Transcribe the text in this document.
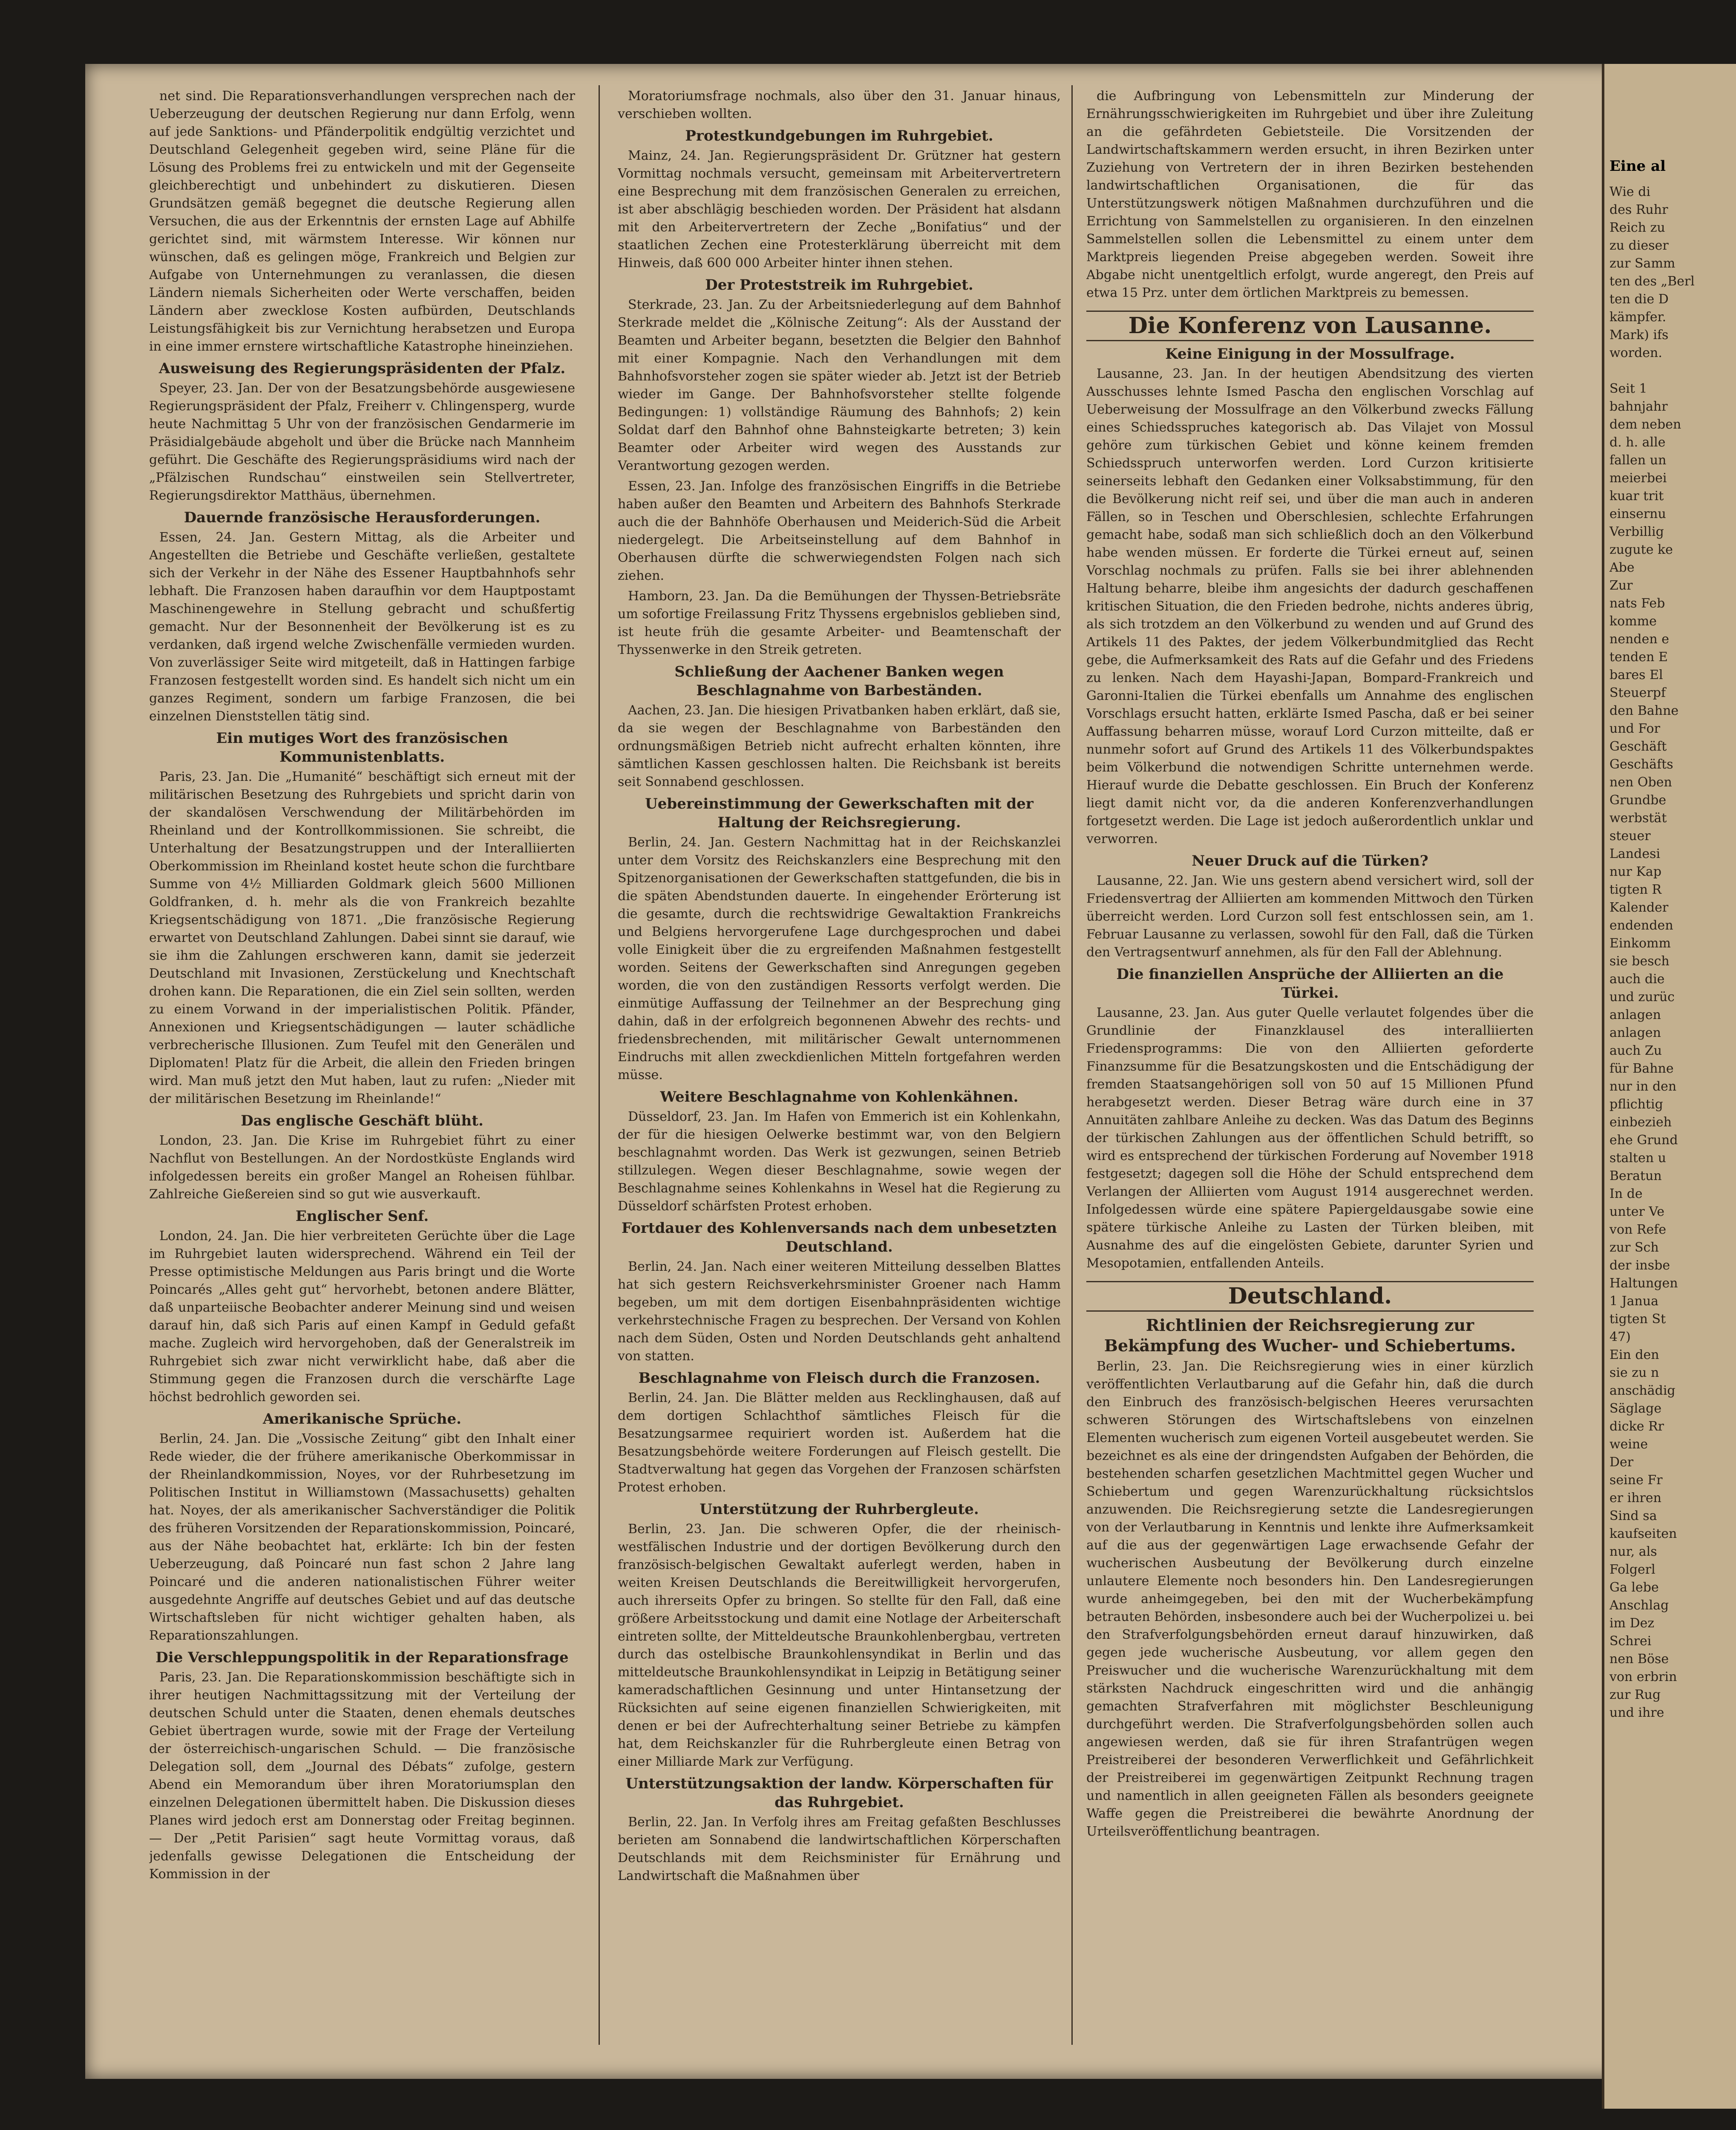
net sind. Die Reparationsverhandlungen versprechen nach der Ueberzeugung der deutschen Regierung nur dann Erfolg, wenn auf jede Sanktions- und Pfänderpolitik endgültig verzichtet und Deutschland Gelegenheit gegeben wird, seine Pläne für die Lösung des Problems frei zu entwickeln und mit der Gegenseite gleichberechtigt und unbehindert zu diskutieren. Diesen Grundsätzen gemäß begegnet die deutsche Regierung allen Versuchen, die aus der Erkenntnis der ernsten Lage auf Abhilfe gerichtet sind, mit wärmstem Interesse. Wir können nur wünschen, daß es gelingen möge, Frankreich und Belgien zur Aufgabe von Unternehmungen zu veranlassen, die diesen Ländern niemals Sicherheiten oder Werte verschaffen, beiden Ländern aber zwecklose Kosten aufbürden, Deutschlands Leistungsfähigkeit bis zur Vernichtung herabsetzen und Europa in eine immer ernstere wirtschaftliche Katastrophe hineinziehen.

Ausweisung des Regierungspräsidenten der Pfalz.

Speyer, 23. Jan. Der von der Besatzungsbehörde ausgewiesene Regierungspräsident der Pfalz, Freiherr v. Chlingensperg, wurde heute Nachmittag 5 Uhr von der französischen Gendarmerie im Präsidialgebäude abgeholt und über die Brücke nach Mannheim geführt. Die Geschäfte des Regierungspräsidiums wird nach der „Pfälzischen Rundschau“ einstweilen sein Stellvertreter, Regierungsdirektor Matthäus, übernehmen.

Dauernde französische Herausforderungen.

Essen, 24. Jan. Gestern Mittag, als die Arbeiter und Angestellten die Betriebe und Geschäfte verließen, gestaltete sich der Verkehr in der Nähe des Essener Hauptbahnhofs sehr lebhaft. Die Franzosen haben daraufhin vor dem Hauptpostamt Maschinengewehre in Stellung gebracht und schußfertig gemacht. Nur der Besonnenheit der Bevölkerung ist es zu verdanken, daß irgend welche Zwischenfälle vermieden wurden. Von zuverlässiger Seite wird mitgeteilt, daß in Hattingen farbige Franzosen festgestellt worden sind. Es handelt sich nicht um ein ganzes Regiment, sondern um farbige Franzosen, die bei einzelnen Dienststellen tätig sind.

Ein mutiges Wort des französischen Kommunistenblatts.

Paris, 23. Jan. Die „Humanité“ beschäftigt sich erneut mit der militärischen Besetzung des Ruhrgebiets und spricht darin von der skandalösen Verschwendung der Militärbehörden im Rheinland und der Kontrollkommissionen. Sie schreibt, die Unterhaltung der Besatzungstruppen und der Interalliierten Oberkommission im Rheinland kostet heute schon die furchtbare Summe von 4½ Milliarden Goldmark gleich 5600 Millionen Goldfranken, d. h. mehr als die von Frankreich bezahlte Kriegsentschädigung von 1871. „Die französische Regierung erwartet von Deutschland Zahlungen. Dabei sinnt sie darauf, wie sie ihm die Zahlungen erschweren kann, damit sie jederzeit Deutschland mit Invasionen, Zerstückelung und Knechtschaft drohen kann. Die Reparationen, die ein Ziel sein sollten, werden zu einem Vorwand in der imperialistischen Politik. Pfänder, Annexionen und Kriegsentschädigungen — lauter schädliche verbrecherische Illusionen. Zum Teufel mit den Generälen und Diplomaten! Platz für die Arbeit, die allein den Frieden bringen wird. Man muß jetzt den Mut haben, laut zu rufen: „Nieder mit der militärischen Besetzung im Rheinlande!“

Das englische Geschäft blüht.

London, 23. Jan. Die Krise im Ruhrgebiet führt zu einer Nachflut von Bestellungen. An der Nordostküste Englands wird infolgedessen bereits ein großer Mangel an Roheisen fühlbar. Zahlreiche Gießereien sind so gut wie ausverkauft.

Englischer Senf.

London, 24. Jan. Die hier verbreiteten Gerüchte über die Lage im Ruhrgebiet lauten widersprechend. Während ein Teil der Presse optimistische Meldungen aus Paris bringt und die Worte Poincarés „Alles geht gut“ hervorhebt, betonen andere Blätter, daß unparteiische Beobachter anderer Meinung sind und weisen darauf hin, daß sich Paris auf einen Kampf in Geduld gefaßt mache. Zugleich wird hervorgehoben, daß der Generalstreik im Ruhrgebiet sich zwar nicht verwirklicht habe, daß aber die Stimmung gegen die Franzosen durch die verschärfte Lage höchst bedrohlich geworden sei.

Amerikanische Sprüche.

Berlin, 24. Jan. Die „Vossische Zeitung“ gibt den Inhalt einer Rede wieder, die der frühere amerikanische Oberkommissar in der Rheinlandkommission, Noyes, vor der Ruhrbesetzung im Politischen Institut in Williamstown (Massachusetts) gehalten hat. Noyes, der als amerikanischer Sachverständiger die Politik des früheren Vorsitzenden der Reparationskommission, Poincaré, aus der Nähe beobachtet hat, erklärte: Ich bin der festen Ueberzeugung, daß Poincaré nun fast schon 2 Jahre lang Poincaré und die anderen nationalistischen Führer weiter ausgedehnte Angriffe auf deutsches Gebiet und auf das deutsche Wirtschaftsleben für nicht wichtiger gehalten haben, als Reparationszahlungen.

Die Verschleppungspolitik in der Reparationsfrage

Paris, 23. Jan. Die Reparationskommission beschäftigte sich in ihrer heutigen Nachmittagssitzung mit der Verteilung der deutschen Schuld unter die Staaten, denen ehemals deutsches Gebiet übertragen wurde, sowie mit der Frage der Verteilung der österreichisch-ungarischen Schuld. — Die französische Delegation soll, dem „Journal des Débats“ zufolge, gestern Abend ein Memorandum über ihren Moratoriumsplan den einzelnen Delegationen übermittelt haben. Die Diskussion dieses Planes wird jedoch erst am Donnerstag oder Freitag beginnen. — Der „Petit Parisien“ sagt heute Vormittag voraus, daß jedenfalls gewisse Delegationen die Entscheidung der Kommission in der

Moratoriumsfrage nochmals, also über den 31. Januar hinaus, verschieben wollten.

Protestkundgebungen im Ruhrgebiet.

Mainz, 24. Jan. Regierungspräsident Dr. Grützner hat gestern Vormittag nochmals versucht, gemeinsam mit Arbeitervertretern eine Besprechung mit dem französischen Generalen zu erreichen, ist aber abschlägig beschieden worden. Der Präsident hat alsdann mit den Arbeitervertretern der Zeche „Bonifatius“ und der staatlichen Zechen eine Protesterklärung überreicht mit dem Hinweis, daß 600 000 Arbeiter hinter ihnen stehen.

Der Proteststreik im Ruhrgebiet.

Sterkrade, 23. Jan. Zu der Arbeitsniederlegung auf dem Bahnhof Sterkrade meldet die „Kölnische Zeitung“: Als der Ausstand der Beamten und Arbeiter begann, besetzten die Belgier den Bahnhof mit einer Kompagnie. Nach den Verhandlungen mit dem Bahnhofsvorsteher zogen sie später wieder ab. Jetzt ist der Betrieb wieder im Gange. Der Bahnhofsvorsteher stellte folgende Bedingungen: 1) vollständige Räumung des Bahnhofs; 2) kein Soldat darf den Bahnhof ohne Bahnsteigkarte betreten; 3) kein Beamter oder Arbeiter wird wegen des Ausstands zur Verantwortung gezogen werden.

Essen, 23. Jan. Infolge des französischen Eingriffs in die Betriebe haben außer den Beamten und Arbeitern des Bahnhofs Sterkrade auch die der Bahnhöfe Oberhausen und Meiderich-Süd die Arbeit niedergelegt. Die Arbeitseinstellung auf dem Bahnhof in Oberhausen dürfte die schwerwiegendsten Folgen nach sich ziehen.

Hamborn, 23. Jan. Da die Bemühungen der Thyssen-Betriebsräte um sofortige Freilassung Fritz Thyssens ergebnislos geblieben sind, ist heute früh die gesamte Arbeiter- und Beamtenschaft der Thyssenwerke in den Streik getreten.

Schließung der Aachener Banken wegen Beschlagnahme von Barbeständen.

Aachen, 23. Jan. Die hiesigen Privatbanken haben erklärt, daß sie, da sie wegen der Beschlagnahme von Barbeständen den ordnungsmäßigen Betrieb nicht aufrecht erhalten könnten, ihre sämtlichen Kassen geschlossen halten. Die Reichsbank ist bereits seit Sonnabend geschlossen.

Uebereinstimmung der Gewerkschaften mit der Haltung der Reichsregierung.

Berlin, 24. Jan. Gestern Nachmittag hat in der Reichskanzlei unter dem Vorsitz des Reichskanzlers eine Besprechung mit den Spitzenorganisationen der Gewerkschaften stattgefunden, die bis in die späten Abendstunden dauerte. In eingehender Erörterung ist die gesamte, durch die rechtswidrige Gewaltaktion Frankreichs und Belgiens hervorgerufene Lage durchgesprochen und dabei volle Einigkeit über die zu ergreifenden Maßnahmen festgestellt worden. Seitens der Gewerkschaften sind Anregungen gegeben worden, die von den zuständigen Ressorts verfolgt werden. Die einmütige Auffassung der Teilnehmer an der Besprechung ging dahin, daß in der erfolgreich begonnenen Abwehr des rechts- und friedensbrechenden, mit militärischer Gewalt unternommenen Eindruchs mit allen zweckdienlichen Mitteln fortgefahren werden müsse.

Weitere Beschlagnahme von Kohlenkähnen.

Düsseldorf, 23. Jan. Im Hafen von Emmerich ist ein Kohlenkahn, der für die hiesigen Oelwerke bestimmt war, von den Belgiern beschlagnahmt worden. Das Werk ist gezwungen, seinen Betrieb stillzulegen. Wegen dieser Beschlagnahme, sowie wegen der Beschlagnahme seines Kohlenkahns in Wesel hat die Regierung zu Düsseldorf schärfsten Protest erhoben.

Fortdauer des Kohlenversands nach dem unbesetzten Deutschland.

Berlin, 24. Jan. Nach einer weiteren Mitteilung desselben Blattes hat sich gestern Reichsverkehrsminister Groener nach Hamm begeben, um mit dem dortigen Eisenbahnpräsidenten wichtige verkehrstechnische Fragen zu besprechen. Der Versand von Kohlen nach dem Süden, Osten und Norden Deutschlands geht anhaltend von statten.

Beschlagnahme von Fleisch durch die Franzosen.

Berlin, 24. Jan. Die Blätter melden aus Recklinghausen, daß auf dem dortigen Schlachthof sämtliches Fleisch für die Besatzungsarmee requiriert worden ist. Außerdem hat die Besatzungsbehörde weitere Forderungen auf Fleisch gestellt. Die Stadtverwaltung hat gegen das Vorgehen der Franzosen schärfsten Protest erhoben.

Unterstützung der Ruhrbergleute.

Berlin, 23. Jan. Die schweren Opfer, die der rheinisch-westfälischen Industrie und der dortigen Bevölkerung durch den französisch-belgischen Gewaltakt auferlegt werden, haben in weiten Kreisen Deutschlands die Bereitwilligkeit hervorgerufen, auch ihrerseits Opfer zu bringen. So stellte für den Fall, daß eine größere Arbeitsstockung und damit eine Notlage der Arbeiterschaft eintreten sollte, der Mitteldeutsche Braunkohlenbergbau, vertreten durch das ostelbische Braunkohlensyndikat in Berlin und das mitteldeutsche Braunkohlensyndikat in Leipzig in Betätigung seiner kameradschaftlichen Gesinnung und unter Hintansetzung der Rücksichten auf seine eigenen finanziellen Schwierigkeiten, mit denen er bei der Aufrechterhaltung seiner Betriebe zu kämpfen hat, dem Reichskanzler für die Ruhrbergleute einen Betrag von einer Milliarde Mark zur Verfügung.

Unterstützungsaktion der landw. Körperschaften für das Ruhrgebiet.

Berlin, 22. Jan. In Verfolg ihres am Freitag gefaßten Beschlusses berieten am Sonnabend die landwirtschaftlichen Körperschaften Deutschlands mit dem Reichsminister für Ernährung und Landwirtschaft die Maßnahmen über

die Aufbringung von Lebensmitteln zur Minderung der Ernährungsschwierigkeiten im Ruhrgebiet und über ihre Zuleitung an die gefährdeten Gebietsteile. Die Vorsitzenden der Landwirtschaftskammern werden ersucht, in ihren Bezirken unter Zuziehung von Vertretern der in ihren Bezirken bestehenden landwirtschaftlichen Organisationen, die für das Unterstützungswerk nötigen Maßnahmen durchzuführen und die Errichtung von Sammelstellen zu organisieren. In den einzelnen Sammelstellen sollen die Lebensmittel zu einem unter dem Marktpreis liegenden Preise abgegeben werden. Soweit ihre Abgabe nicht unentgeltlich erfolgt, wurde angeregt, den Preis auf etwa 15 Prz. unter dem örtlichen Marktpreis zu bemessen.

Die Konferenz von Lausanne.
Keine Einigung in der Mossulfrage.

Lausanne, 23. Jan. In der heutigen Abendsitzung des vierten Ausschusses lehnte Ismed Pascha den englischen Vorschlag auf Ueberweisung der Mossulfrage an den Völkerbund zwecks Fällung eines Schiedsspruches kategorisch ab. Das Vilajet von Mossul gehöre zum türkischen Gebiet und könne keinem fremden Schiedsspruch unterworfen werden. Lord Curzon kritisierte seinerseits lebhaft den Gedanken einer Volksabstimmung, für den die Bevölkerung nicht reif sei, und über die man auch in anderen Fällen, so in Teschen und Oberschlesien, schlechte Erfahrungen gemacht habe, sodaß man sich schließlich doch an den Völkerbund habe wenden müssen. Er forderte die Türkei erneut auf, seinen Vorschlag nochmals zu prüfen. Falls sie bei ihrer ablehnenden Haltung beharre, bleibe ihm angesichts der dadurch geschaffenen kritischen Situation, die den Frieden bedrohe, nichts anderes übrig, als sich trotzdem an den Völkerbund zu wenden und auf Grund des Artikels 11 des Paktes, der jedem Völkerbundmitglied das Recht gebe, die Aufmerksamkeit des Rats auf die Gefahr und des Friedens zu lenken. Nach dem Hayashi-Japan, Bompard-Frankreich und Garonni-Italien die Türkei ebenfalls um Annahme des englischen Vorschlags ersucht hatten, erklärte Ismed Pascha, daß er bei seiner Auffassung beharren müsse, worauf Lord Curzon mitteilte, daß er nunmehr sofort auf Grund des Artikels 11 des Völkerbundspaktes beim Völkerbund die notwendigen Schritte unternehmen werde. Hierauf wurde die Debatte geschlossen. Ein Bruch der Konferenz liegt damit nicht vor, da die anderen Konferenzverhandlungen fortgesetzt werden. Die Lage ist jedoch außerordentlich unklar und verworren.

Neuer Druck auf die Türken?

Lausanne, 22. Jan. Wie uns gestern abend versichert wird, soll der Friedensvertrag der Alliierten am kommenden Mittwoch den Türken überreicht werden. Lord Curzon soll fest entschlossen sein, am 1. Februar Lausanne zu verlassen, sowohl für den Fall, daß die Türken den Vertragsentwurf annehmen, als für den Fall der Ablehnung.

Die finanziellen Ansprüche der Alliierten an die Türkei.

Lausanne, 23. Jan. Aus guter Quelle verlautet folgendes über die Grundlinie der Finanzklausel des interalliierten Friedensprogramms: Die von den Alliierten geforderte Finanzsumme für die Besatzungskosten und die Entschädigung der fremden Staatsangehörigen soll von 50 auf 15 Millionen Pfund herabgesetzt werden. Dieser Betrag wäre durch eine in 37 Annuitäten zahlbare Anleihe zu decken. Was das Datum des Beginns der türkischen Zahlungen aus der öffentlichen Schuld betrifft, so wird es entsprechend der türkischen Forderung auf November 1918 festgesetzt; dagegen soll die Höhe der Schuld entsprechend dem Verlangen der Alliierten vom August 1914 ausgerechnet werden. Infolgedessen würde eine spätere Papiergeldausgabe sowie eine spätere türkische Anleihe zu Lasten der Türken bleiben, mit Ausnahme des auf die eingelösten Gebiete, darunter Syrien und Mesopotamien, entfallenden Anteils.

Deutschland.
Richtlinien der Reichsregierung zur Bekämpfung des Wucher- und Schiebertums.

Berlin, 23. Jan. Die Reichsregierung wies in einer kürzlich veröffentlichten Verlautbarung auf die Gefahr hin, daß die durch den Einbruch des französisch-belgischen Heeres verursachten schweren Störungen des Wirtschaftslebens von einzelnen Elementen wucherisch zum eigenen Vorteil ausgebeutet werden. Sie bezeichnet es als eine der dringendsten Aufgaben der Behörden, die bestehenden scharfen gesetzlichen Machtmittel gegen Wucher und Schiebertum und gegen Warenzurückhaltung rücksichtslos anzuwenden. Die Reichsregierung setzte die Landesregierungen von der Verlautbarung in Kenntnis und lenkte ihre Aufmerksamkeit auf die aus der gegenwärtigen Lage erwachsende Gefahr der wucherischen Ausbeutung der Bevölkerung durch einzelne unlautere Elemente noch besonders hin. Den Landesregierungen wurde anheimgegeben, bei den mit der Wucherbekämpfung betrauten Behörden, insbesondere auch bei der Wucherpolizei u. bei den Strafverfolgungsbehörden erneut darauf hinzuwirken, daß gegen jede wucherische Ausbeutung, vor allem gegen den Preiswucher und die wucherische Warenzurückhaltung mit dem stärksten Nachdruck eingeschritten wird und die anhängig gemachten Strafverfahren mit möglichster Beschleunigung durchgeführt werden. Die Strafverfolgungsbehörden sollen auch angewiesen werden, daß sie für ihren Strafantrügen wegen Preistreiberei der besonderen Verwerflichkeit und Gefährlichkeit der Preistreiberei im gegenwärtigen Zeitpunkt Rechnung tragen und namentlich in allen geeigneten Fällen als besonders geeignete Waffe gegen die Preistreiberei die bewährte Anordnung der Urteilsveröffentlichung beantragen.

Eine al
Wie di
des Ruhr
Reich zu
zu dieser
zur Samm
ten des „Berl
ten die D
kämpfer.
Mark) ifs
worden.

Seit 1
bahnjahr
dem neben
d. h. alle
fallen un
meierbei
kuar trit
einsernu
Verbillig
zugute ke
Abe
Zur
nats Feb
komme
nenden e
tenden E
bares El
Steuerpf
den Bahne
und For
Geschäft
Geschäfts
nen Oben
Grundbe
werbstät
steuer
Landesi
nur Kap
tigten R
Kalender
endenden
Einkomm
sie besch
auch die
und zurüc
anlagen
anlagen
auch Zu
für Bahne
nur in den
pflichtig
einbezieh
ehe Grund
stalten u
Beratun
In de
unter Ve
von Refe
zur Sch
der insbe
Haltungen
1 Janua
tigten St
47)
Ein den
sie zu n
anschädig
Säglage
dicke Rr
weine
Der
seine Fr
er ihren
Sind sa
kaufseiten
nur, als
Folgerl
Ga lebe
Anschlag
im Dez
Schrei
nen Böse
von erbrin
zur Rug
und ihre
